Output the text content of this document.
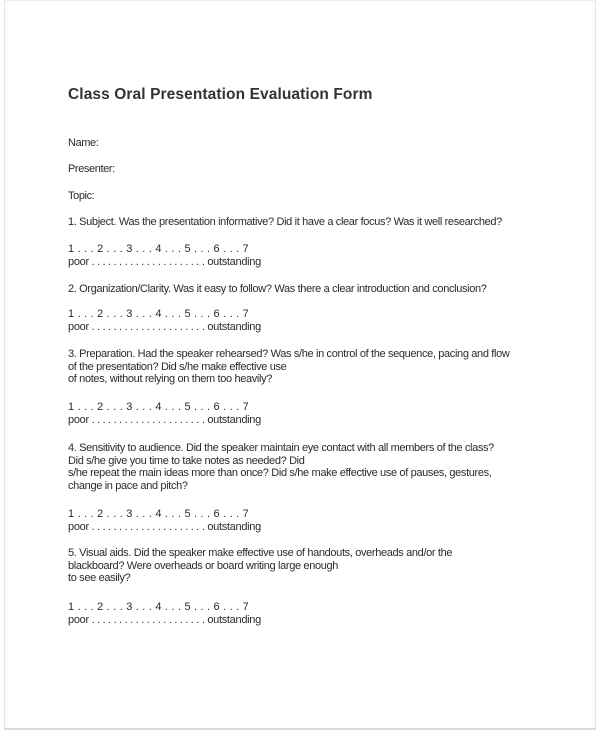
Class Oral Presentation Evaluation Form
Name:
Presenter:
Topic:
1. Subject. Was the presentation informative? Did it have a clear focus? Was it well researched?
1 . . . 2 . . . 3 . . . 4 . . . 5 . . . 6 . . . 7
poor . . . . . . . . . . . . . . . . . . . . . outstanding
2. Organization/Clarity. Was it easy to follow? Was there a clear introduction and conclusion?
1 . . . 2 . . . 3 . . . 4 . . . 5 . . . 6 . . . 7
poor . . . . . . . . . . . . . . . . . . . . . outstanding
3. Preparation. Had the speaker rehearsed? Was s/he in control of the sequence, pacing and flow
of the presentation? Did s/he make effective use
of notes, without relying on them too heavily?
1 . . . 2 . . . 3 . . . 4 . . . 5 . . . 6 . . . 7
poor . . . . . . . . . . . . . . . . . . . . . outstanding
4. Sensitivity to audience. Did the speaker maintain eye contact with all members of the class?
Did s/he give you time to take notes as needed? Did
s/he repeat the main ideas more than once? Did s/he make effective use of pauses, gestures,
change in pace and pitch?
1 . . . 2 . . . 3 . . . 4 . . . 5 . . . 6 . . . 7
poor . . . . . . . . . . . . . . . . . . . . . outstanding
5. Visual aids. Did the speaker make effective use of handouts, overheads and/or the
blackboard? Were overheads or board writing large enough
to see easily?
1 . . . 2 . . . 3 . . . 4 . . . 5 . . . 6 . . . 7
poor . . . . . . . . . . . . . . . . . . . . . outstanding
